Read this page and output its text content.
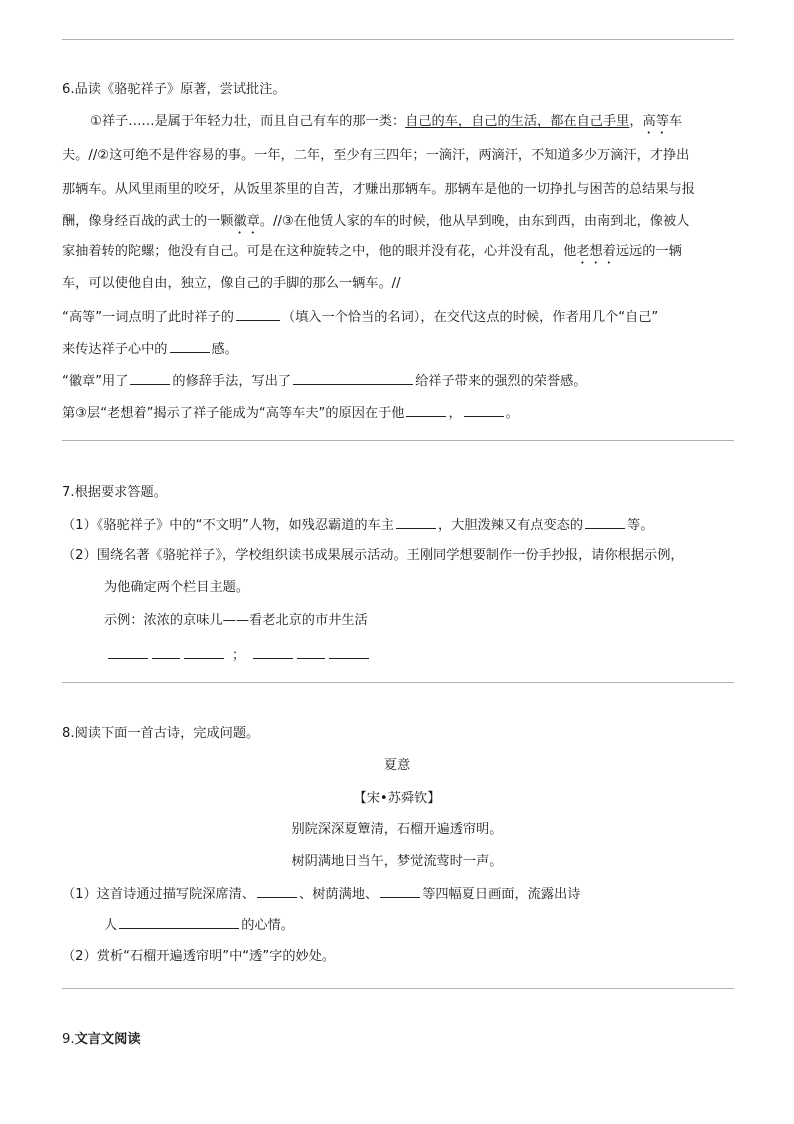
6.品读《骆驼祥子》原著，尝试批注。
①祥子……是属于年轻力壮，而且自己有车的那一类：自己的车，自己的生活，都在自己手里，高等车
夫。//②这可绝不是件容易的事。一年，二年，至少有三四年；一滴汗，两滴汗，不知道多少万滴汗，才挣出
那辆车。从风里雨里的咬牙，从饭里茶里的自苦，才赚出那辆车。那辆车是他的一切挣扎与困苦的总结果与报
酬，像身经百战的武士的一颗徽章。//③在他赁人家的车的时候，他从早到晚，由东到西，由南到北，像被人
家抽着转的陀螺；他没有自己。可是在这种旋转之中，他的眼并没有花，心并没有乱，他老想着远远的一辆
车，可以使他自由，独立，像自己的手脚的那么一辆车。//
“高等”一词点明了此时祥子的	（填入一个恰当的名词），在交代这点的时候，作者用几个“自己”
来传达祥子心中的	感。
“徽章”用了	的修辞手法，写出了	给祥子带来的强烈的荣誉感。
第③层“老想着”揭示了祥子能成为“高等车夫”的原因在于他	，	。
7.根据要求答题。
（1）《骆驼祥子》中的“不文明”人物，如残忍霸道的车主	，大胆泼辣又有点变态的	等。
（2）围绕名著《骆驼祥子》，学校组织读书成果展示活动。王刚同学想要制作一份手抄报，请你根据示例，
为他确定两个栏目主题。
示例：浓浓的京味儿——看老北京的市井生活
；
8.阅读下面一首古诗，完成问题。
夏意
【宋•苏舜钦】
别院深深夏簟清，石榴开遍透帘明。
树阴满地日当午，梦觉流莺时一声。
（1）这首诗通过描写院深席清、	、树荫满地、	等四幅夏日画面，流露出诗
人	的心情。
（2）赏析“石榴开遍透帘明”中“透”字的妙处。
9.文言文阅读
